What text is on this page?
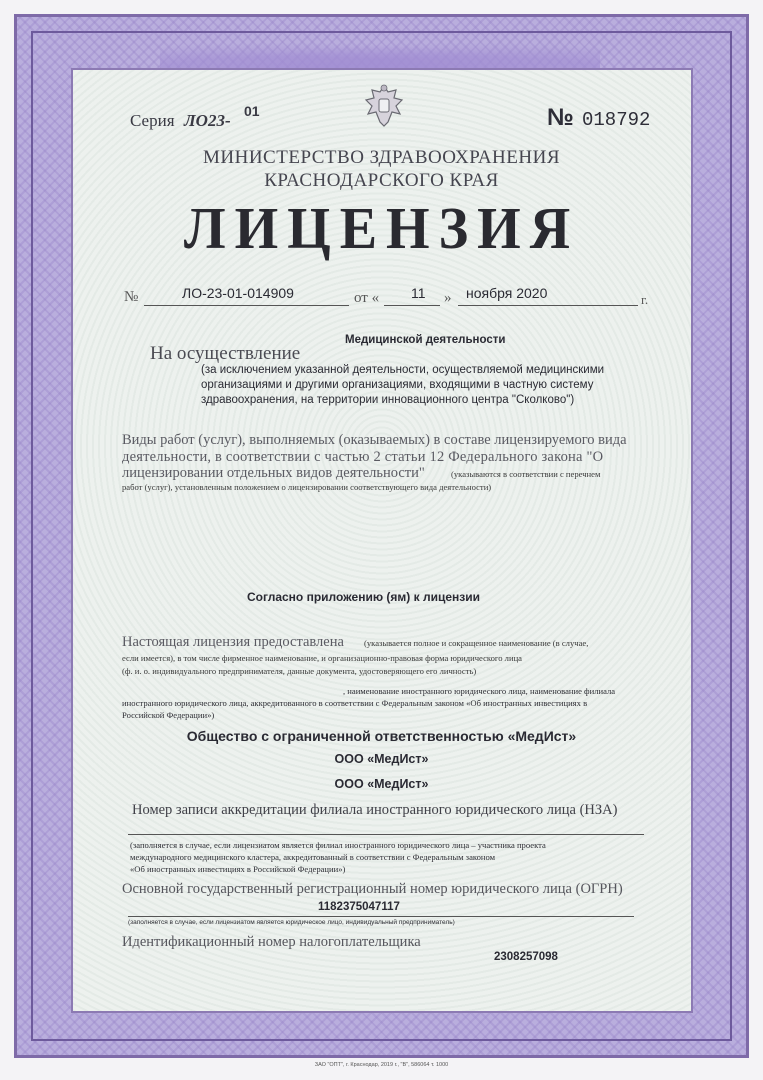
Серия ЛО23- 01	№ 018792
МИНИСТЕРСТВО ЗДРАВООХРАНЕНИЯ
КРАСНОДАРСКОГО КРАЯ
ЛИЦЕНЗИЯ
№	ЛО-23-01-014909	от « 11 » ноября 2020	г.
Медицинской деятельности
На осуществление
(за исключением указанной деятельности, осуществляемой медицинскими
организациями и другими организациями, входящими в частную систему
здравоохранения, на территории инновационного центра "Сколково")
Виды работ (услуг), выполняемых (оказываемых) в составе лицензируемого вида
деятельности, в соответствии с частью 2 статьи 12 Федерального закона "О
лицензировании отдельных видов деятельности"	(указываются в соответствии с перечнем
работ (услуг), установленным положением о лицензировании соответствующего вида деятельности)
Согласно приложению (ям) к лицензии
Настоящая лицензия предоставлена (указывается полное и сокращенное наименование (в случае,
если имеется), в том числе фирменное наименование, и организационно-правовая форма юридического лица
(ф. и. о. индивидуального предпринимателя, данные документа, удостоверяющего его личность)
, наименование иностранного юридического лица, наименование филиала
иностранного юридического лица, аккредитованного в соответствии с Федеральным законом «Об иностранных инвестициях в
Российской Федерации»)
Общество с ограниченной ответственностью «МедИст»
ООО «МедИст»
ООО «МедИст»
Номер записи аккредитации филиала иностранного юридического лица (НЗА)
(заполняется в случае, если лицензиатом является филиал иностранного юридического лица – участника проекта
международного медицинского кластера, аккредитованный в соответствии с Федеральным законом
«Об иностранных инвестициях в Российской Федерации»)
Основной государственный регистрационный номер юридического лица (ОГРН)
1182375047117
(заполняется в случае, если лицензиатом является юридическое лицо, индивидуальный предприниматель)
Идентификационный номер налогоплательщика
2308257098
ЗАО "ОПТ", г. Краснодар, 2019 г., "В", 586064 т. 1000
